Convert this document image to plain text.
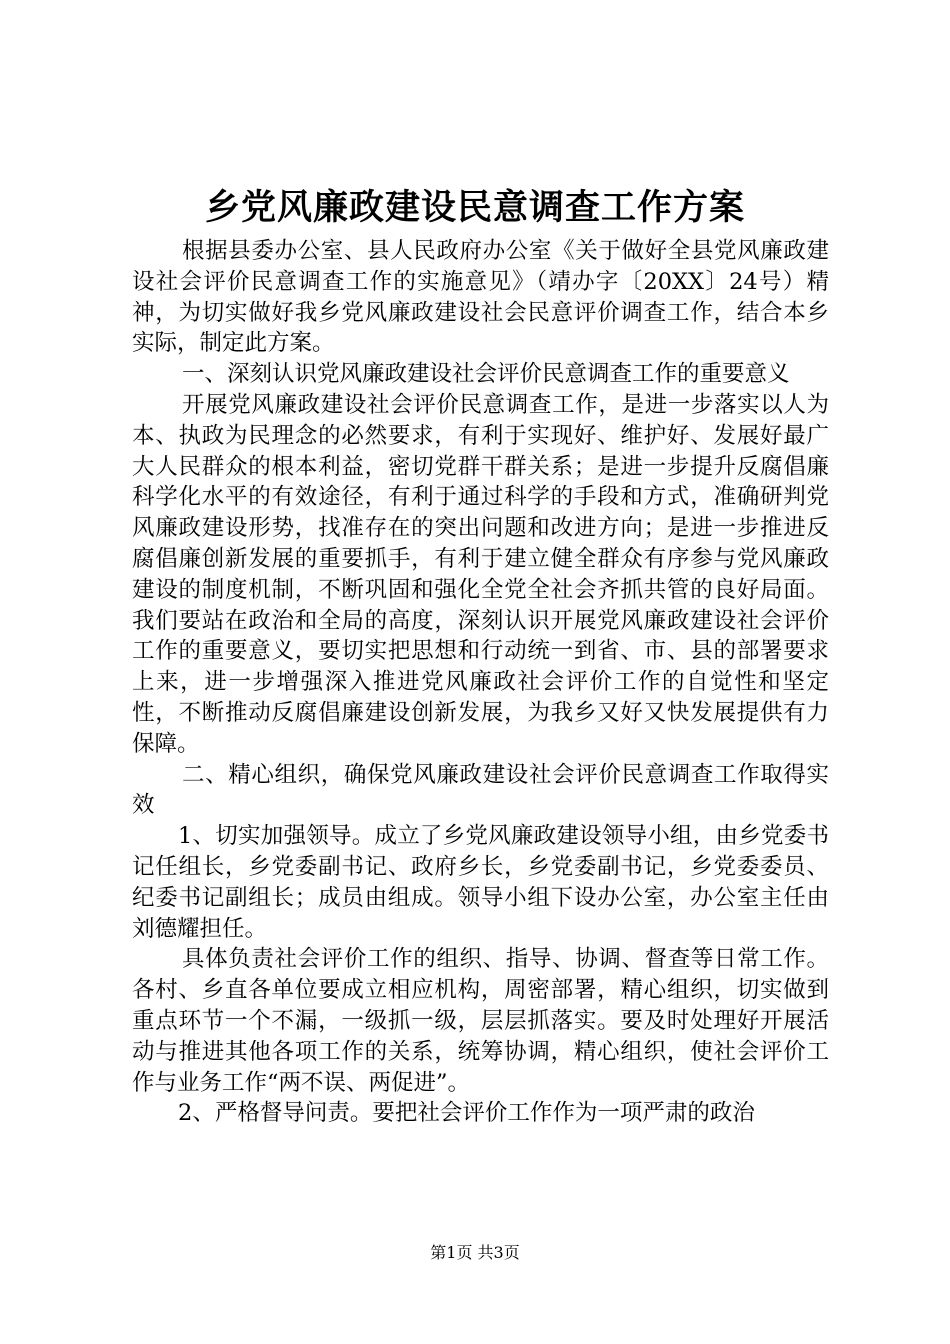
乡党风廉政建设民意调查工作方案

根据县委办公室、县人民政府办公室《关于做好全县党风廉政建设社会评价民意调查工作的实施意见》（靖办字〔20XX〕24号）精神，为切实做好我乡党风廉政建设社会民意评价调查工作，结合本乡实际，制定此方案。

一、深刻认识党风廉政建设社会评价民意调查工作的重要意义

开展党风廉政建设社会评价民意调查工作，是进一步落实以人为本、执政为民理念的必然要求，有利于实现好、维护好、发展好最广大人民群众的根本利益，密切党群干群关系；是进一步提升反腐倡廉科学化水平的有效途径，有利于通过科学的手段和方式，准确研判党风廉政建设形势，找准存在的突出问题和改进方向；是进一步推进反腐倡廉创新发展的重要抓手，有利于建立健全群众有序参与党风廉政建设的制度机制，不断巩固和强化全党全社会齐抓共管的良好局面。我们要站在政治和全局的高度，深刻认识开展党风廉政建设社会评价工作的重要意义，要切实把思想和行动统一到省、市、县的部署要求上来，进一步增强深入推进党风廉政社会评价工作的自觉性和坚定性，不断推动反腐倡廉建设创新发展，为我乡又好又快发展提供有力保障。

二、精心组织，确保党风廉政建设社会评价民意调查工作取得实效

1、切实加强领导。成立了乡党风廉政建设领导小组，由乡党委书记任组长，乡党委副书记、政府乡长，乡党委副书记，乡党委委员、纪委书记副组长；成员由组成。领导小组下设办公室，办公室主任由刘德耀担任。

具体负责社会评价工作的组织、指导、协调、督查等日常工作。各村、乡直各单位要成立相应机构，周密部署，精心组织，切实做到重点环节一个不漏，一级抓一级，层层抓落实。要及时处理好开展活动与推进其他各项工作的关系，统筹协调，精心组织，使社会评价工作与业务工作“两不误、两促进”。

2、严格督导问责。要把社会评价工作作为一项严肃的政治

第1页 共3页
